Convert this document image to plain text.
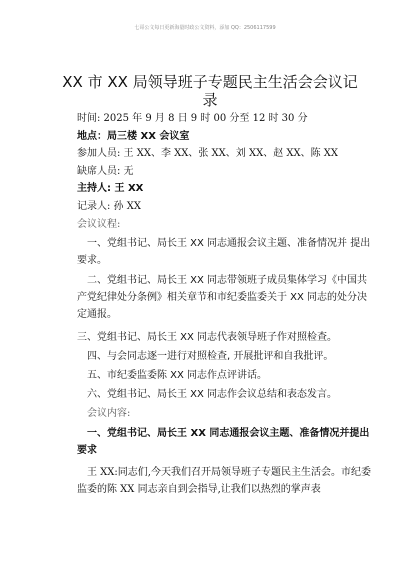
七哥公文每日更新海量时政公文资料，添加 QQ：2506117599
XX 市 XX 局领导班子专题民主生活会会议记录
时间: 2025 年 9 月 8 日 9 时 00 分至 12 时 30 分
地点：局三楼 XX 会议室
参加人员: 王 XX、李 XX、张 XX、刘 XX、赵 XX、陈 XX
缺席人员: 无
主持人: 王 XX
记录人: 孙 XX
会议议程:
一、党组书记、局长王 XX 同志通报会议主题、准备情况并 提出要求。
二、党组书记、局长王 XX 同志带领班子成员集体学习《中国共产党纪律处分条例》相关章节和市纪委监委关于 XX 同志的处分决定通报。
三、党组书记、局长王 XX 同志代表领导班子作对照检查。
四、与会同志逐一进行对照检查, 开展批评和自我批评。
五、市纪委监委陈 XX 同志作点评讲话。
六、党组书记、局长王 XX 同志作会议总结和表态发言。
会议内容:
一、党组书记、局长王 XX 同志通报会议主题、准备情况并提出要求
王 XX:同志们,今天我们召开局领导班子专题民主生活会。市纪委监委的陈 XX 同志亲自到会指导,让我们以热烈的掌声表
